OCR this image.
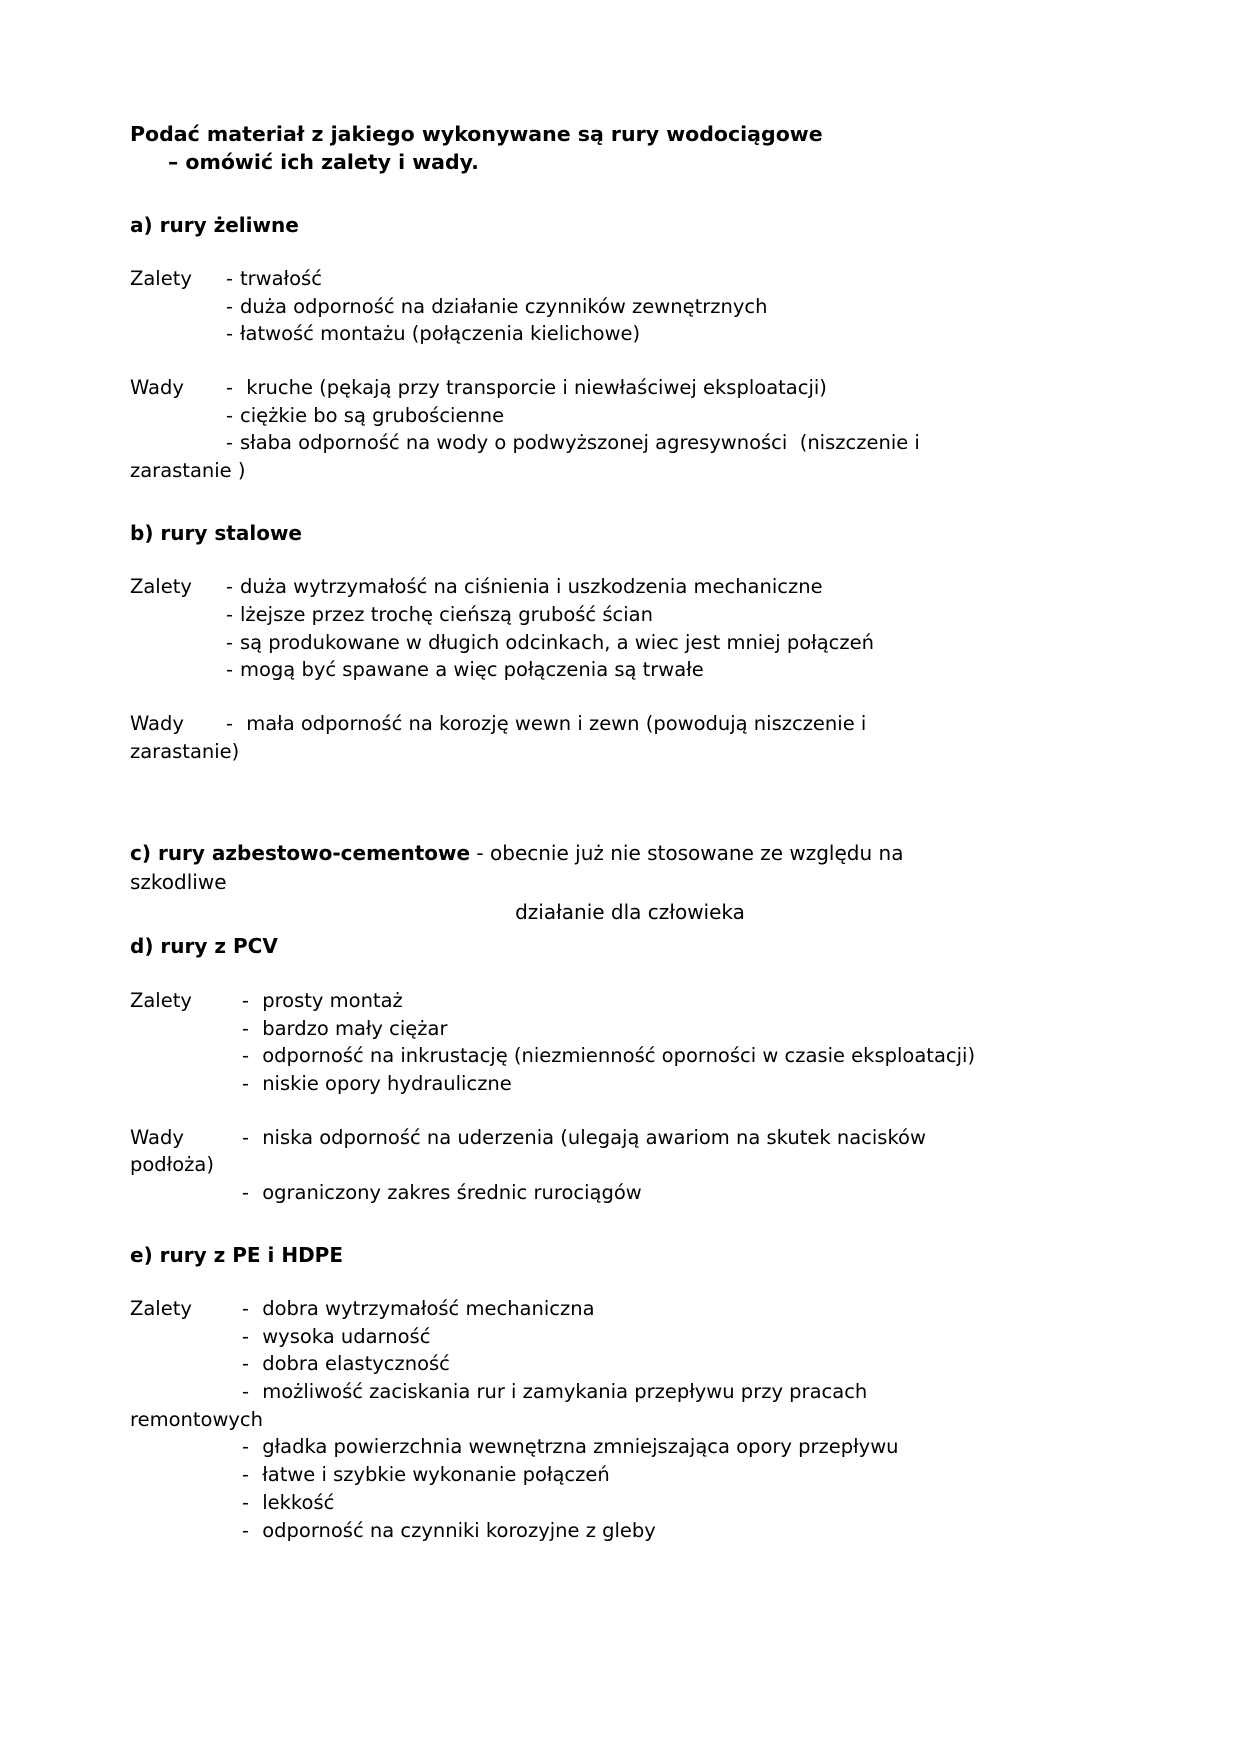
Podać materiał z jakiego wykonywane są rury wodociągowe
– omówić ich zalety i wady.
a) rury żeliwne
Zalety	- trwałość
- duża odporność na działanie czynników zewnętrznych
- łatwość montażu (połączenia kielichowe)
Wady	- kruche (pękają przy transporcie i niewłaściwej eksploatacji)
- ciężkie bo są grubościenne
- słaba odporność na wody o podwyższonej agresywności  (niszczenie i
zarastanie )
b) rury stalowe
Zalety	- duża wytrzymałość na ciśnienia i uszkodzenia mechaniczne
- lżejsze przez trochę cieńszą grubość ścian
- są produkowane w długich odcinkach, a wiec jest mniej połączeń
- mogą być spawane a więc połączenia są trwałe
Wady	- mała odporność na korozję wewn i zewn (powodują niszczenie i
zarastanie)
c) rury azbestowo-cementowe - obecnie już nie stosowane ze względu na
szkodliwe
działanie dla człowieka
d) rury z PCV
Zalety	- prosty montaż
- bardzo mały ciężar
- odporność na inkrustację (niezmienność oporności w czasie eksploatacji)
- niskie opory hydrauliczne
Wady	- niska odporność na uderzenia (ulegają awariom na skutek nacisków
podłoża)
- ograniczony zakres średnic rurociągów
e) rury z PE i HDPE
Zalety	- dobra wytrzymałość mechaniczna
- wysoka udarność
- dobra elastyczność
- możliwość zaciskania rur i zamykania przepływu przy pracach
remontowych
- gładka powierzchnia wewnętrzna zmniejszająca opory przepływu
- łatwe i szybkie wykonanie połączeń
- lekkość
- odporność na czynniki korozyjne z gleby
